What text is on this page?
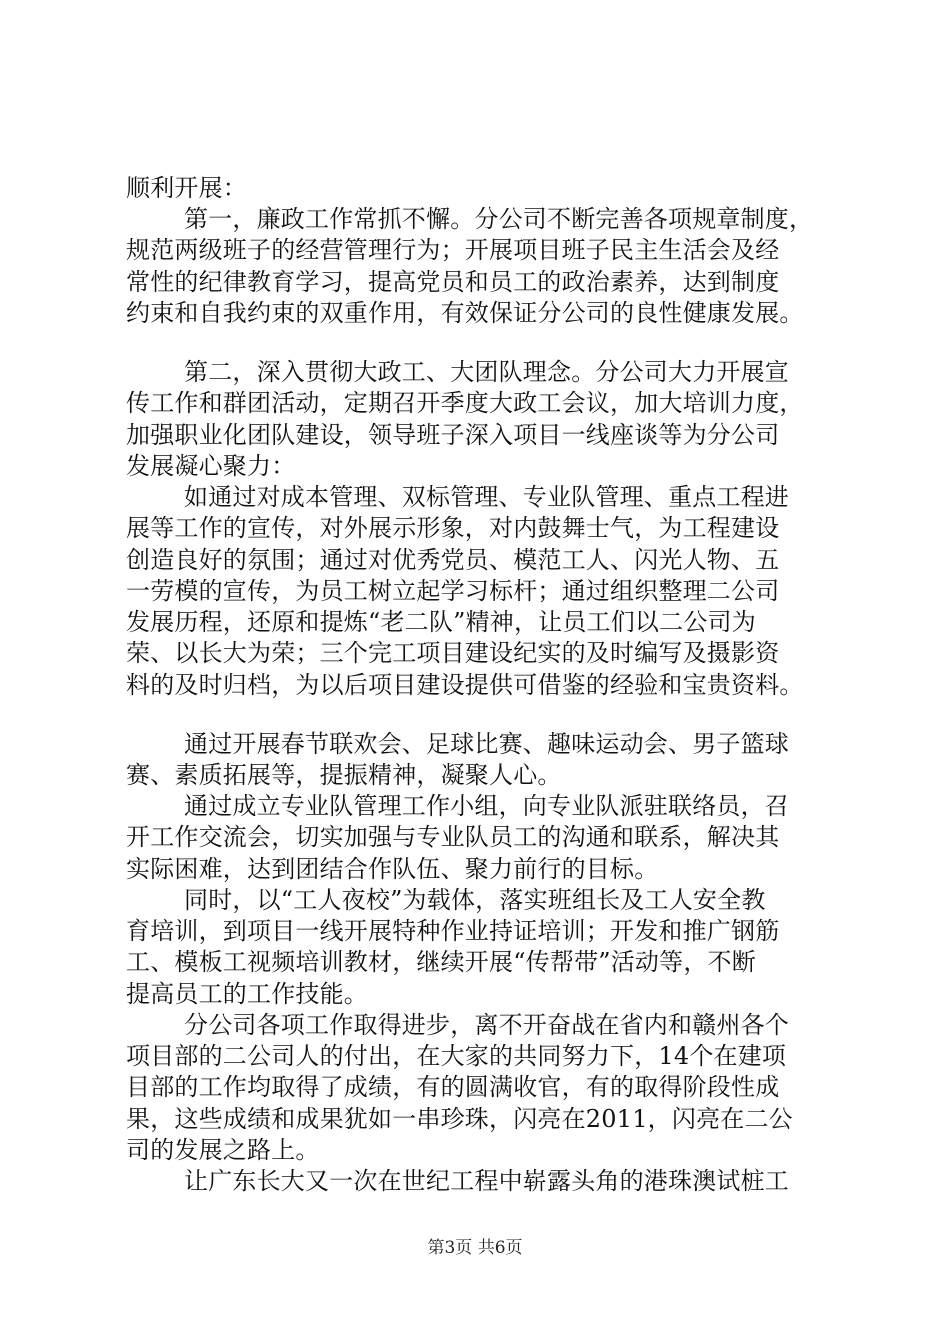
顺利开展：
第一，廉政工作常抓不懈。分公司不断完善各项规章制度，
规范两级班子的经营管理行为；开展项目班子民主生活会及经
常性的纪律教育学习，提高党员和员工的政治素养，达到制度
约束和自我约束的双重作用，有效保证分公司的良性健康发展。
第二，深入贯彻大政工、大团队理念。分公司大力开展宣
传工作和群团活动，定期召开季度大政工会议，加大培训力度，
加强职业化团队建设，领导班子深入项目一线座谈等为分公司
发展凝心聚力：
如通过对成本管理、双标管理、专业队管理、重点工程进
展等工作的宣传，对外展示形象，对内鼓舞士气，为工程建设
创造良好的氛围；通过对优秀党员、模范工人、闪光人物、五
一劳模的宣传，为员工树立起学习标杆；通过组织整理二公司
发展历程，还原和提炼“老二队”精神，让员工们以二公司为
荣、以长大为荣；三个完工项目建设纪实的及时编写及摄影资
料的及时归档，为以后项目建设提供可借鉴的经验和宝贵资料。
通过开展春节联欢会、足球比赛、趣味运动会、男子篮球
赛、素质拓展等，提振精神，凝聚人心。
通过成立专业队管理工作小组，向专业队派驻联络员，召
开工作交流会，切实加强与专业队员工的沟通和联系，解决其
实际困难，达到团结合作队伍、聚力前行的目标。
同时，以“工人夜校”为载体，落实班组长及工人安全教
育培训，到项目一线开展特种作业持证培训；开发和推广钢筋
工、模板工视频培训教材，继续开展“传帮带”活动等，不断
提高员工的工作技能。
分公司各项工作取得进步，离不开奋战在省内和赣州各个
项目部的二公司人的付出，在大家的共同努力下，14个在建项
目部的工作均取得了成绩，有的圆满收官，有的取得阶段性成
果，这些成绩和成果犹如一串珍珠，闪亮在2011，闪亮在二公
司的发展之路上。
让广东长大又一次在世纪工程中崭露头角的港珠澳试桩工
第3页 共6页
